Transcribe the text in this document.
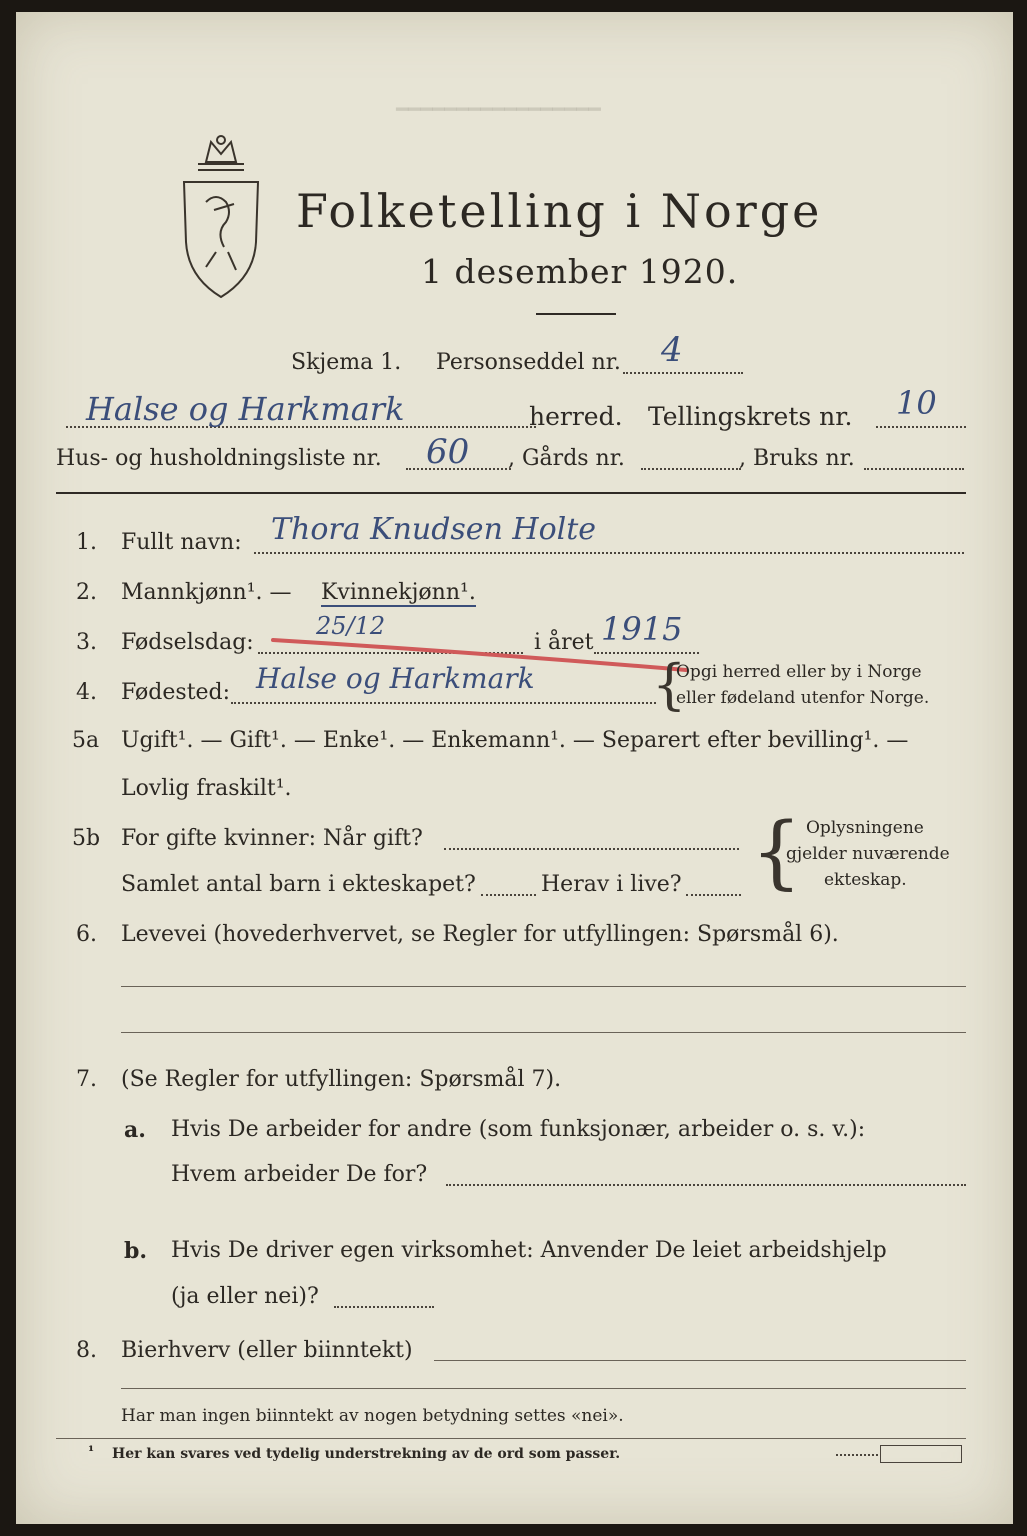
━━━━━━━━━━━━━━━━━
Folketelling i Norge
1 desember 1920.
Skjema 1. Personseddel nr. 4
Halse og Harkmark	herred. Tellingskrets nr. 10
Hus- og husholdningsliste nr. 60 , Gårds nr.	, Bruks nr.
1. Fullt navn: Thora Knudsen Holte
2. Mannkjønn¹. — Kvinnekjønn¹.
3. Fødselsdag:
25/12
i året 1915
4. Fødested: Halse og Harkmark {
Opgi herred eller by i Norge
eller fødeland utenfor Norge.
5a Ugift¹. — Gift¹. — Enke¹. — Enkemann¹. — Separert efter bevilling¹. —
Lovlig fraskilt¹.
5b For gifte kvinner: Når gift?
Samlet antal barn i ekteskapet?	Herav i live? { Oplysningene
gjelder nuværende
ekteskap.
6. Levevei (hovederhvervet, se Regler for utfyllingen: Spørsmål 6).
7. (Se Regler for utfyllingen: Spørsmål 7).
a. Hvis De arbeider for andre (som funksjonær, arbeider o. s. v.):
Hvem arbeider De for?
b. Hvis De driver egen virksomhet: Anvender De leiet arbeidshjelp
(ja eller nei)?
8. Bierhverv (eller biinntekt)
Har man ingen biinntekt av nogen betydning settes «nei».
¹ Her kan svares ved tydelig understrekning av de ord som passer.
